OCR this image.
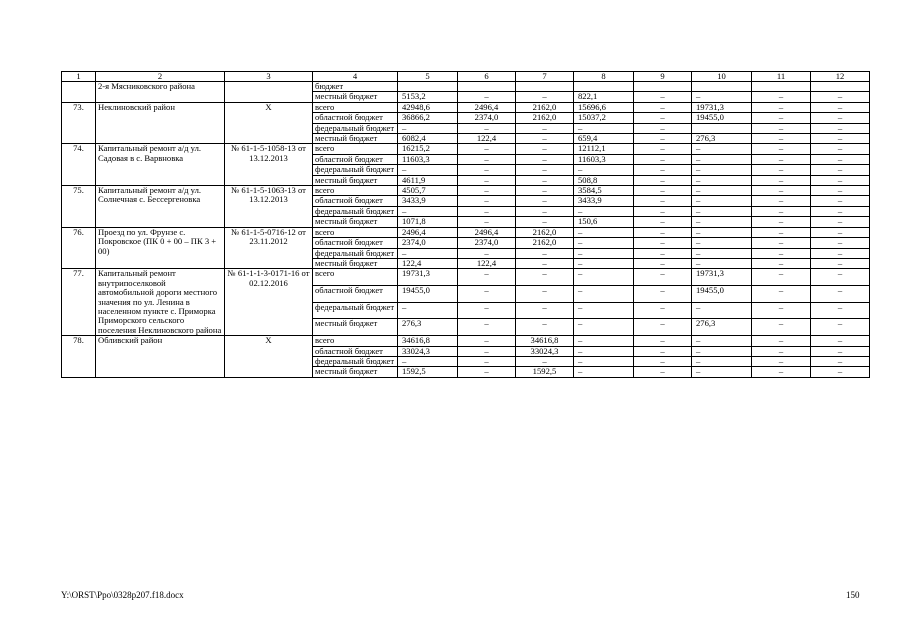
1	2	3	4	5	6	7	8	9	10	11	12
	2-я Мясниковского района		бюджет								
			местный бюджет	5153,2	–	–	822,1	–	–	–	–
73.	Неклиновский район	Х	всего	42948,6	2496,4	2162,0	15696,6	–	19731,3	–	–
			областной бюджет	36866,2	2374,0	2162,0	15037,2	–	19455,0	–	–
			федеральный бюджет	–	–	–	–	–		–	–
			местный бюджет	6082,4	122,4	–	659,4	–	276,3	–	–
74.	Капитальный ремонт а/д ул. Садовая в с. Варвновка	№ 61-1-5-1058-13 от 13.12.2013	всего	16215,2	–	–	12112,1	–	–	–	–
			областной бюджет	11603,3	–	–	11603,3	–	–	–	–
			федеральный бюджет	–	–	–	–	–	–	–	–
			местный бюджет	4611,9	–	–	508,8	–	–	–	–
75.	Капитальный ремонт а/д ул. Солнечная с. Бессергеновка	№ 61-1-5-1063-13 от 13.12.2013	всего	4505,7	–	–	3584,5	–	–	–	–
			областной бюджет	3433,9	–	–	3433,9	–	–	–	–
			федеральный бюджет	–	–	–	–	–	–	–	–
			местный бюджет	1071,8	–	–	150,6	–	–	–	–
76.	Проезд по ул. Фрунзе с. Покровское (ПК 0 + 00 – ПК 3 + 00)	№ 61-1-5-0716-12 от 23.11.2012	всего	2496,4	2496,4	2162,0	–	–	–	–	–
			областной бюджет	2374,0	2374,0	2162,0	–	–	–	–	–
			федеральный бюджет	–	–	–	–	–	–	–	–
			местный бюджет	122,4	122,4	–	–	–	–	–	–
77.	Капитальный ремонт внутрипоселковой автомобильной дороги местного значения по ул. Ленина в населенном пункте с. Приморка Приморского сельского поселения Неклиновского района	№ 61-1-1-3-0171-16 от 02.12.2016	всего	19731,3	–	–	–	–	19731,3	–	–
			областной бюджет	19455,0	–	–	–	–	19455,0	–	–
			федеральный бюджет	–	–	–	–	–	–	–	–
			местный бюджет	276,3	–	–	–	–	276,3	–	–
78.	Обливский район	Х	всего	34616,8	–	34616,8	–	–	–	–	–
			областной бюджет	33024,3	–	33024,3	–	–	–	–	–
			федеральный бюджет	–	–	–	–	–	–	–	–
			местный бюджет	1592,5	–	1592,5	–	–	–	–	–
Y:\ORST\Ppo\0328p207.f18.docx	150
